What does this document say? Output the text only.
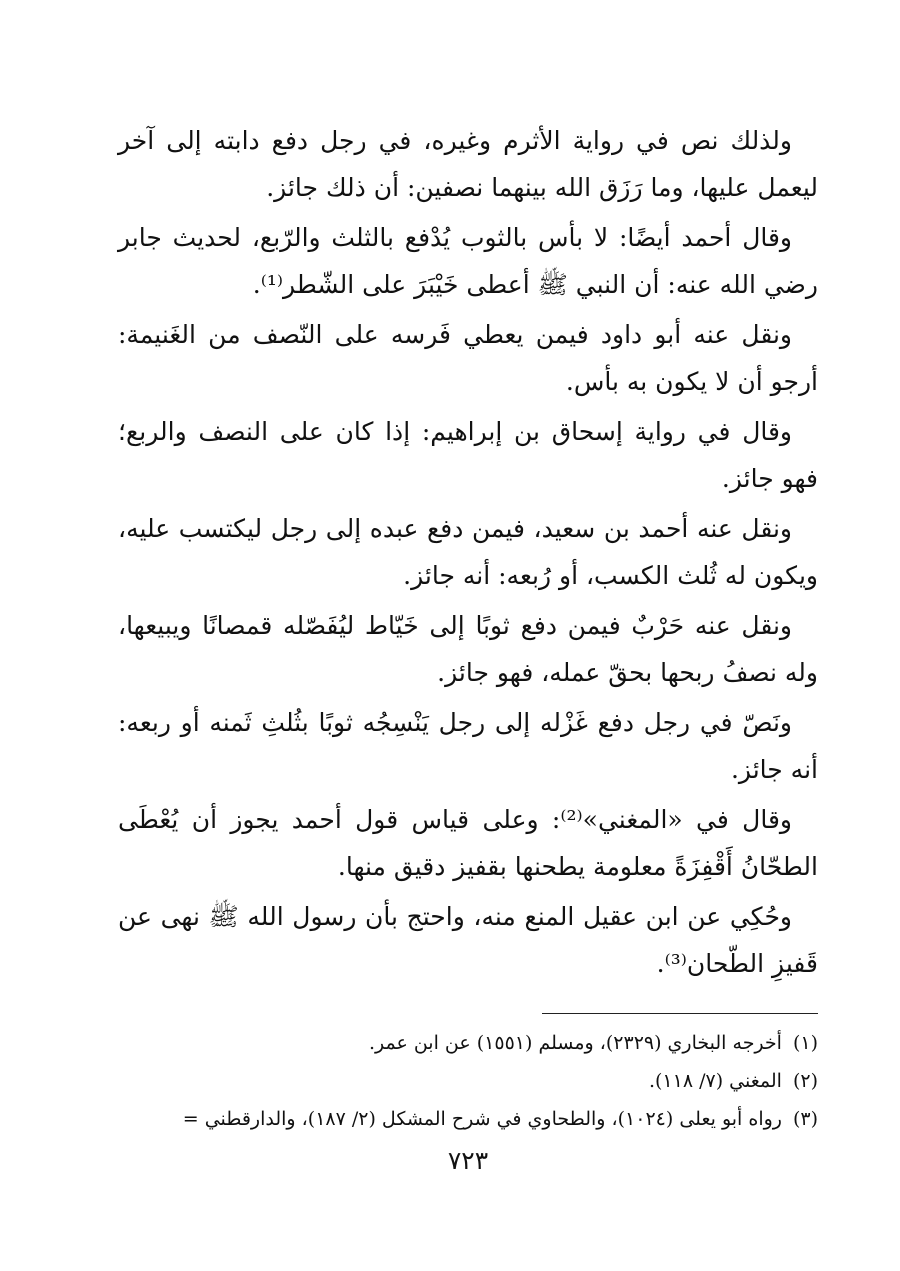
ولذلك نص في رواية الأثرم وغيره، في رجل دفع دابته إلى آخر ليعمل عليها، وما رَزَق الله بينهما نصفين: أن ذلك جائز.

وقال أحمد أيضًا: لا بأس بالثوب يُدْفع بالثلث والرّبع، لحديث جابر رضي الله عنه: أن النبي ﷺ أعطى خَيْبَرَ على الشّطر⁽¹⁾.

ونقل عنه أبو داود فيمن يعطي فَرسه على النّصف من الغَنيمة: أرجو أن لا يكون به بأس.

وقال في رواية إسحاق بن إبراهيم: إذا كان على النصف والربع؛ فهو جائز.

ونقل عنه أحمد بن سعيد، فيمن دفع عبده إلى رجل ليكتسب عليه، ويكون له ثُلث الكسب، أو رُبعه: أنه جائز.

ونقل عنه حَرْبٌ فيمن دفع ثوبًا إلى خَيّاط ليُفَصّله قمصانًا ويبيعها، وله نصفُ ربحها بحقّ عمله، فهو جائز.

ونَصّ في رجل دفع غَزْله إلى رجل يَنْسِجُه ثوبًا بثُلثِ ثَمنه أو ربعه: أنه جائز.

وقال في «المغني»⁽²⁾: وعلى قياس قول أحمد يجوز أن يُعْطَى الطحّانُ أَقْفِزَةً معلومة يطحنها بقفيز دقيق منها.

وحُكِي عن ابن عقيل المنع منه، واحتج بأن رسول الله ﷺ نهى عن قَفيزِ الطّحان⁽³⁾.

(١) أخرجه البخاري (٢٣٢٩)، ومسلم (١٥٥١) عن ابن عمر.

(٢) المغني (٧/ ١١٨).

(٣) رواه أبو يعلى (١٠٢٤)، والطحاوي في شرح المشكل (٢/ ١٨٧)، والدارقطني =

٧٢٣
